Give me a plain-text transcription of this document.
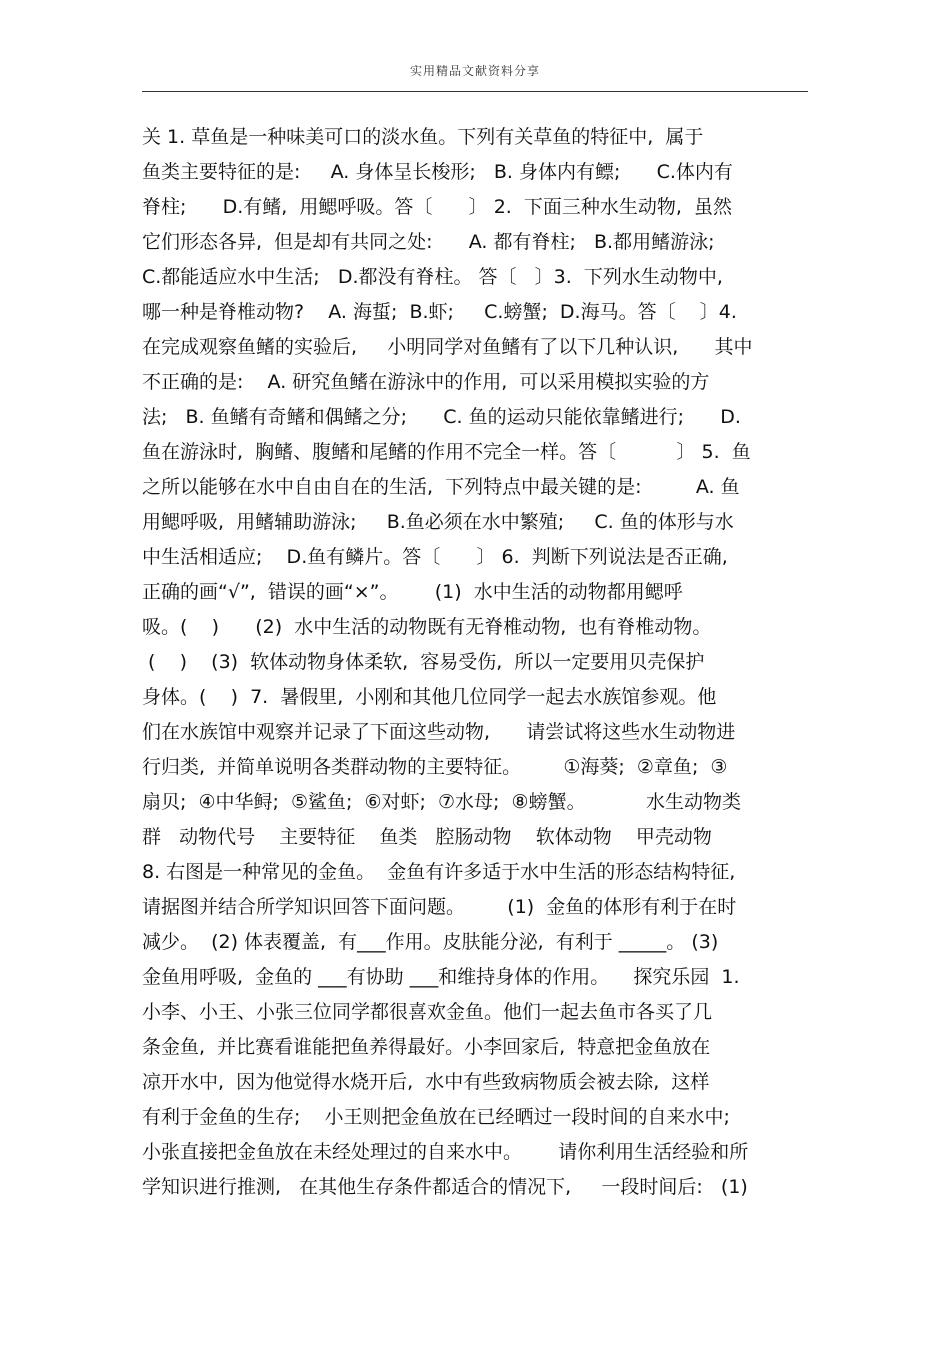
实用精品文献资料分享
关 1. 草鱼是一种味美可口的淡水鱼。下列有关草鱼的特征中,  属于
鱼类主要特征的是:     A. 身体呈长梭形;   B. 身体内有鳔;      C.体内有
脊柱;      D.有鳍,  用鳃呼吸。答〔      〕 2.  下面三种水生动物,  虽然
它们形态各异,  但是却有共同之处:      A. 都有脊柱;   B.都用鳍游泳;
C.都能适应水中生活;   D.都没有脊柱。 答〔   〕3.  下列水生动物中,
哪一种是脊椎动物?    A. 海蜇;  B.虾;     C.螃蟹;  D.海马。答〔    〕4.
在完成观察鱼鳍的实验后,     小明同学对鱼鳍有了以下几种认识,      其中
不正确的是:    A. 研究鱼鳍在游泳中的作用,  可以采用模拟实验的方
法;   B. 鱼鳍有奇鳍和偶鳍之分;      C. 鱼的运动只能依靠鳍进行;      D.
鱼在游泳时,  胸鳍、腹鳍和尾鳍的作用不完全一样。答〔          〕 5.  鱼
之所以能够在水中自由自在的生活,  下列特点中最关键的是:         A. 鱼
用鳃呼吸,  用鳍辅助游泳;     B.鱼必须在水中繁殖;     C. 鱼的体形与水
中生活相适应;    D.鱼有鳞片。答〔      〕 6.  判断下列说法是否正确,
正确的画“√”,  错误的画“×”。      (1)  水中生活的动物都用鳃呼
吸。(    )      (2)  水中生活的动物既有无脊椎动物,  也有脊椎动物。
(    )    (3)  软体动物身体柔软,  容易受伤,  所以一定要用贝壳保护
身体。(    )  7.  暑假里,  小刚和其他几位同学一起去水族馆参观。他
们在水族馆中观察并记录了下面这些动物,      请尝试将这些水生动物进
行归类,  并简单说明各类群动物的主要特征。       ①海葵;  ②章鱼;  ③
扇贝;  ④中华鲟;  ⑤鲨鱼;  ⑥对虾;  ⑦水母;  ⑧螃蟹。          水生动物类
群   动物代号    主要特征    鱼类   腔肠动物    软体动物    甲壳动物
8. 右图是一种常见的金鱼。  金鱼有许多适于水中生活的形态结构特征,
请据图并结合所学知识回答下面问题。       (1)  金鱼的体形有利于在时
减少。  (2) 体表覆盖,  有___作用。皮肤能分泌,  有利于 _____。 (3)
金鱼用呼吸,  金鱼的 ___有协助 ___和维持身体的作用。    探究乐园  1.
小李、小王、小张三位同学都很喜欢金鱼。他们一起去鱼市各买了几
条金鱼,  并比赛看谁能把鱼养得最好。小李回家后,  特意把金鱼放在
凉开水中,  因为他觉得水烧开后,  水中有些致病物质会被去除,  这样
有利于金鱼的生存;    小王则把金鱼放在已经晒过一段时间的自来水中;
小张直接把金鱼放在未经处理过的自来水中。      请你利用生活经验和所
学知识进行推测,   在其他生存条件都适合的情况下,     一段时间后:   (1)
